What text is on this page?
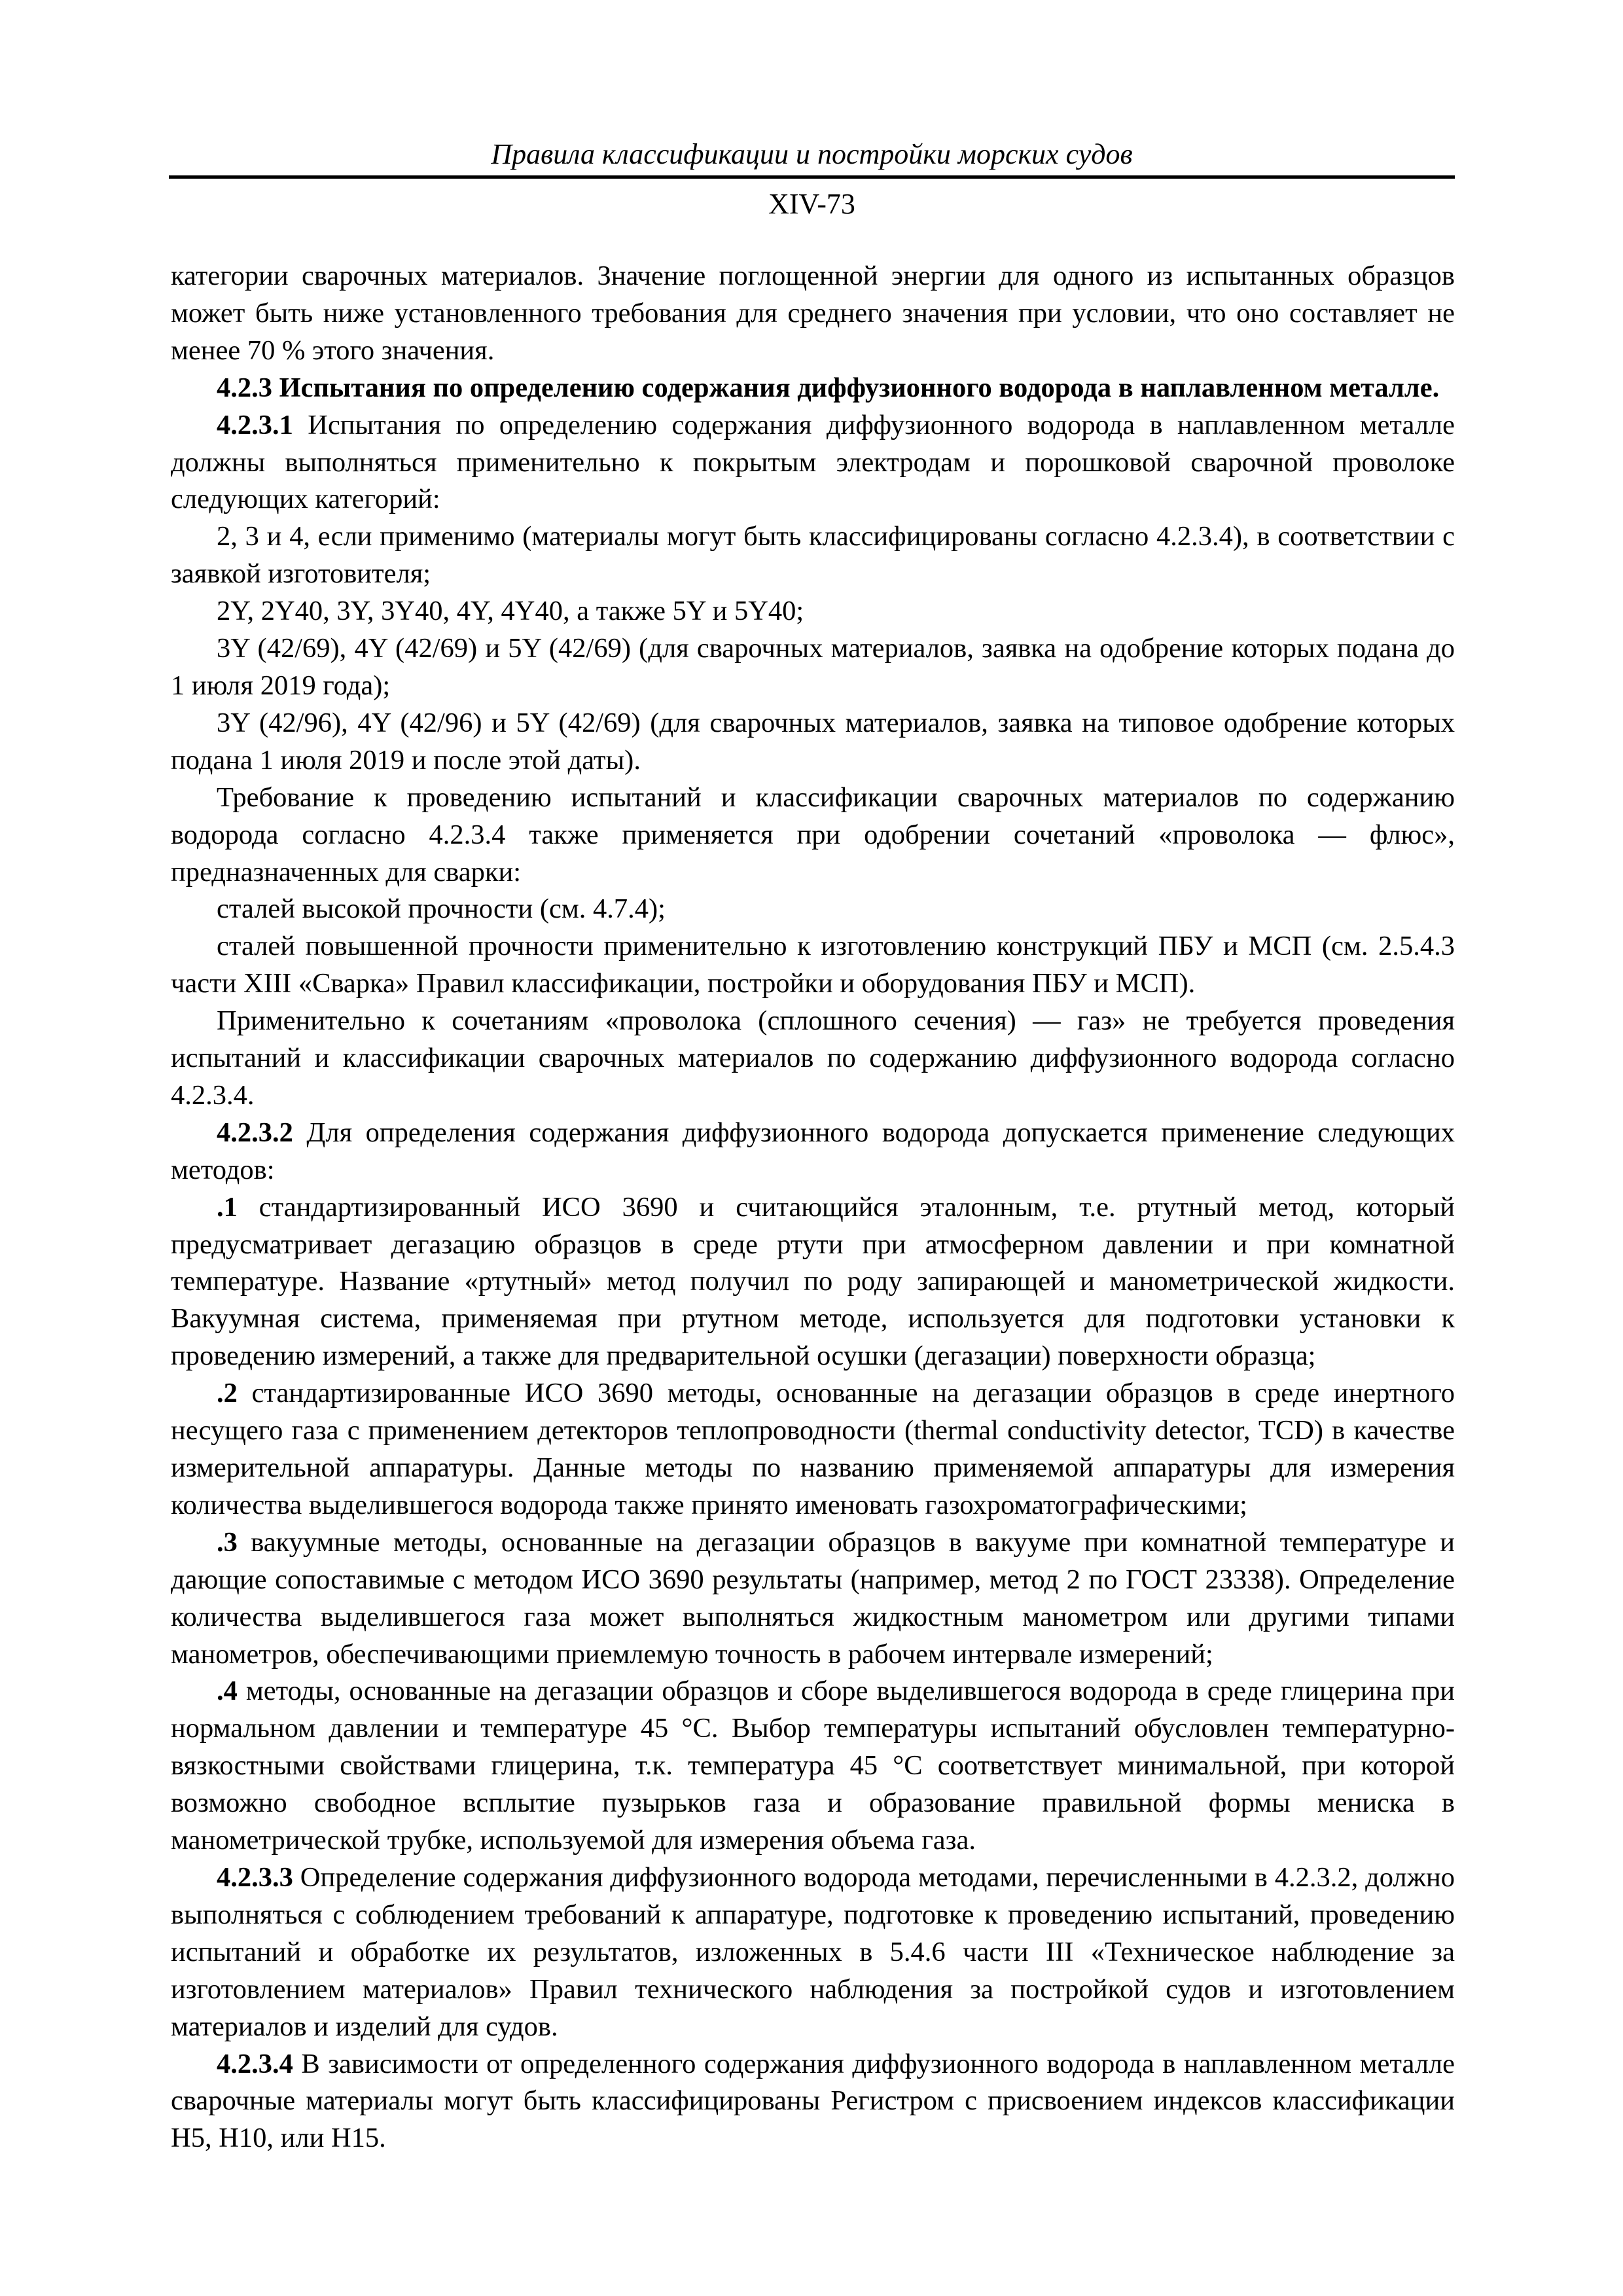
Правила классификации и постройки морских судов
XIV-73

категории сварочных материалов. Значение поглощенной энергии для одного из испытанных образцов может быть ниже установленного требования для среднего значения при условии, что оно составляет не менее 70 % этого значения.

4.2.3 Испытания по определению содержания диффузионного водорода в наплавленном металле.

4.2.3.1 Испытания по определению содержания диффузионного водорода в наплавленном металле должны выполняться применительно к покрытым электродам и порошковой сварочной проволоке следующих категорий:

2, 3 и 4, если применимо (материалы могут быть классифицированы согласно 4.2.3.4), в соответствии с заявкой изготовителя;

2Y, 2Y40, 3Y, 3Y40, 4Y, 4Y40, а также 5Y и 5Y40;

3Y (42/69), 4Y (42/69) и 5Y (42/69) (для сварочных материалов, заявка на одобрение которых подана до 1 июля 2019 года);

3Y (42/96), 4Y (42/96) и 5Y (42/69) (для сварочных материалов, заявка на типовое одобрение которых подана 1 июля 2019 и после этой даты).

Требование к проведению испытаний и классификации сварочных материалов по содержанию водорода согласно 4.2.3.4 также применяется при одобрении сочетаний «проволока — флюс», предназначенных для сварки:

сталей высокой прочности (см. 4.7.4);

сталей повышенной прочности применительно к изготовлению конструкций ПБУ и МСП (см. 2.5.4.3 части XIII «Сварка» Правил классификации, постройки и оборудования ПБУ и МСП).

Применительно к сочетаниям «проволока (сплошного сечения) — газ» не требуется проведения испытаний и классификации сварочных материалов по содержанию диффузионного водорода согласно 4.2.3.4.

4.2.3.2 Для определения содержания диффузионного водорода допускается применение следующих методов:

.1 стандартизированный ИСО 3690 и считающийся эталонным, т.е. ртутный метод, который предусматривает дегазацию образцов в среде ртути при атмосферном давлении и при комнатной температуре. Название «ртутный» метод получил по роду запирающей и манометрической жидкости. Вакуумная система, применяемая при ртутном методе, используется для подготовки установки к проведению измерений, а также для предварительной осушки (дегазации) поверхности образца;

.2 стандартизированные ИСО 3690 методы, основанные на дегазации образцов в среде инертного несущего газа с применением детекторов теплопроводности (thermal conductivity detector, TCD) в качестве измерительной аппаратуры. Данные методы по названию применяемой аппаратуры для измерения количества выделившегося водорода также принято именовать газохроматографическими;

.3 вакуумные методы, основанные на дегазации образцов в вакууме при комнатной температуре и дающие сопоставимые с методом ИСО 3690 результаты (например, метод 2 по ГОСТ 23338). Определение количества выделившегося газа может выполняться жидкостным манометром или другими типами манометров, обеспечивающими приемлемую точность в рабочем интервале измерений;

.4 методы, основанные на дегазации образцов и сборе выделившегося водорода в среде глицерина при нормальном давлении и температуре 45 °С. Выбор температуры испытаний обусловлен температурно-вязкостными свойствами глицерина, т.к. температура 45 °С соответствует минимальной, при которой возможно свободное всплытие пузырьков газа и образование правильной формы мениска в манометрической трубке, используемой для измерения объема газа.

4.2.3.3 Определение содержания диффузионного водорода методами, перечисленными в 4.2.3.2, должно выполняться с соблюдением требований к аппаратуре, подготовке к проведению испытаний, проведению испытаний и обработке их результатов, изложенных в 5.4.6 части III «Техническое наблюдение за изготовлением материалов» Правил технического наблюдения за постройкой судов и изготовлением материалов и изделий для судов.

4.2.3.4 В зависимости от определенного содержания диффузионного водорода в наплавленном металле сварочные материалы могут быть классифицированы Регистром с присвоением индексов классификации H5, H10, или H15.
